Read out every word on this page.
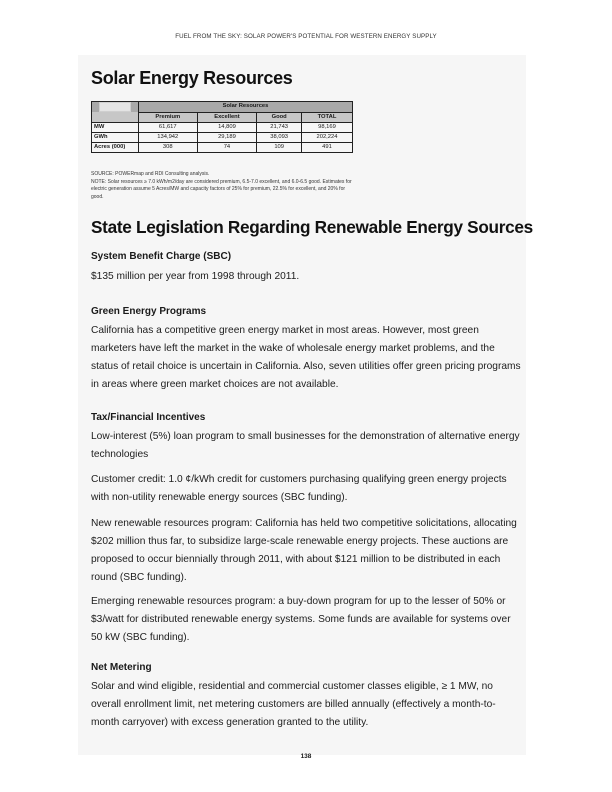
FUEL FROM THE SKY: SOLAR POWER'S POTENTIAL FOR WESTERN ENERGY SUPPLY
Solar Energy Resources
	Solar Resources			
	Premium	Excellent	Good	TOTAL
MW	61,617	14,809	21,743	98,169
GWh	134,942	29,189	38,093	202,224
Acres (000)	308	74	109	491

SOURCE: POWERmap and RDI Consulting analysis.

NOTE: Solar resources ≥ 7.0 kWh/m2/day are considered premium, 6.5-7.0 excellent, and 6.0-6.5 good. Estimates for electric generation assume 5 Acres/MW and capacity factors of 25% for premium, 22.5% for excellent, and 20% for good.

State Legislation Regarding Renewable Energy Sources
System Benefit Charge (SBC)

$135 million per year from 1998 through 2011.

Green Energy Programs

California has a competitive green energy market in most areas. However, most green marketers have left the market in the wake of wholesale energy market problems, and the status of retail choice is uncertain in California. Also, seven utilities offer green pricing programs in areas where green market choices are not available.

Tax/Financial Incentives

Low-interest (5%) loan program to small businesses for the demonstration of alternative energy technologies

Customer credit: 1.0 ¢/kWh credit for customers purchasing qualifying green energy projects with non-utility renewable energy sources (SBC funding).

New renewable resources program: California has held two competitive solicitations, allocating $202 million thus far, to subsidize large-scale renewable energy projects. These auctions are proposed to occur biennially through 2011, with about $121 million to be distributed in each round (SBC funding).

Emerging renewable resources program: a buy-down program for up to the lesser of 50% or $3/watt for distributed renewable energy systems. Some funds are available for systems over 50 kW (SBC funding).

Net Metering

Solar and wind eligible, residential and commercial customer classes eligible, ≥ 1 MW, no overall enrollment limit, net metering customers are billed annually (effectively a month-to-month carryover) with excess generation granted to the utility.

138
